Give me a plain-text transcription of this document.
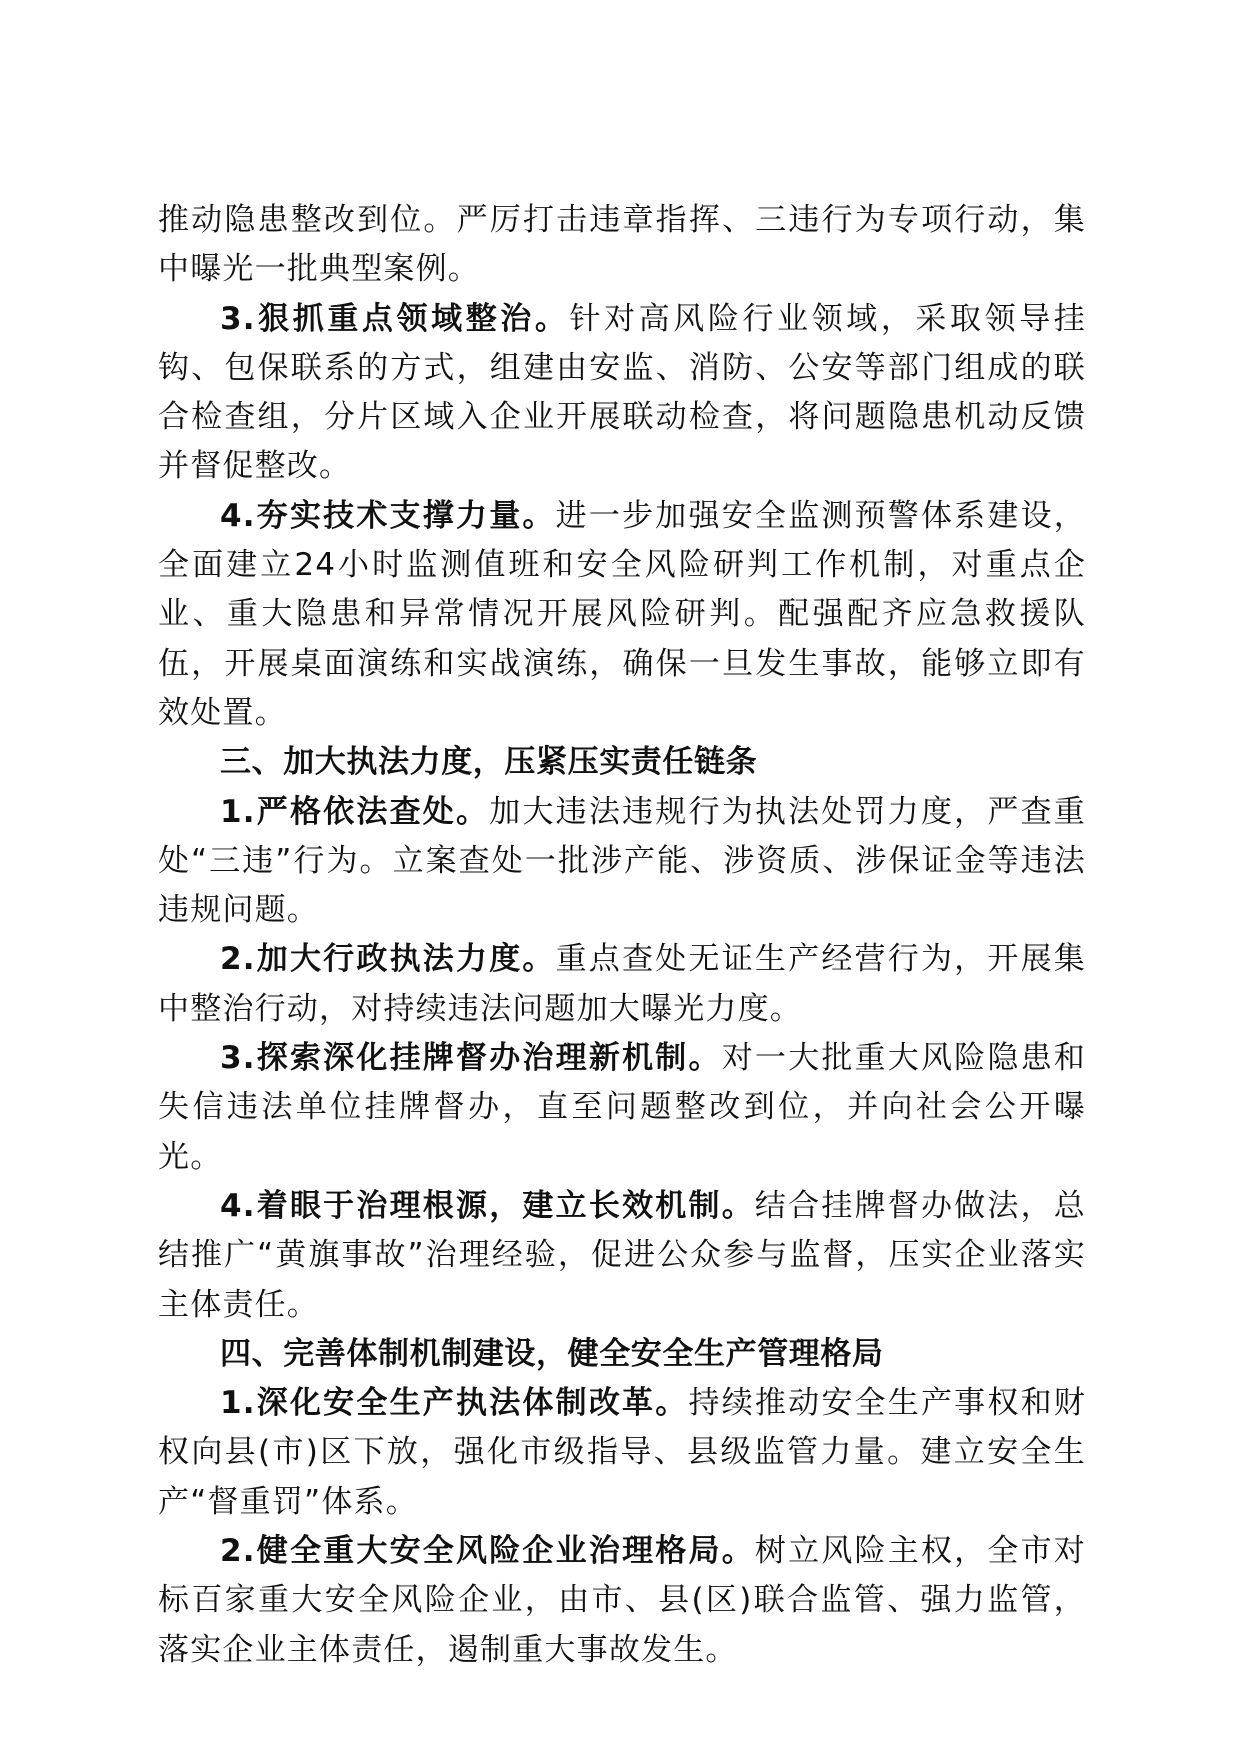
推动隐患整改到位。严厉打击违章指挥、三违行为专项行动，集中曝光一批典型案例。

3.狠抓重点领域整治。针对高风险行业领域，采取领导挂钩、包保联系的方式，组建由安监、消防、公安等部门组成的联合检查组，分片区域入企业开展联动检查，将问题隐患机动反馈并督促整改。

4.夯实技术支撑力量。进一步加强安全监测预警体系建设，全面建立24小时监测值班和安全风险研判工作机制，对重点企业、重大隐患和异常情况开展风险研判。配强配齐应急救援队伍，开展桌面演练和实战演练，确保一旦发生事故，能够立即有效处置。

三、加大执法力度，压紧压实责任链条

1.严格依法查处。加大违法违规行为执法处罚力度，严查重处“三违”行为。立案查处一批涉产能、涉资质、涉保证金等违法违规问题。

2.加大行政执法力度。重点查处无证生产经营行为，开展集中整治行动，对持续违法问题加大曝光力度。

3.探索深化挂牌督办治理新机制。对一大批重大风险隐患和失信违法单位挂牌督办，直至问题整改到位，并向社会公开曝光。

4.着眼于治理根源，建立长效机制。结合挂牌督办做法，总结推广“黄旗事故”治理经验，促进公众参与监督，压实企业落实主体责任。

四、完善体制机制建设，健全安全生产管理格局

1.深化安全生产执法体制改革。持续推动安全生产事权和财权向县(市)区下放，强化市级指导、县级监管力量。建立安全生产“督重罚”体系。

2.健全重大安全风险企业治理格局。树立风险主权，全市对标百家重大安全风险企业，由市、县(区)联合监管、强力监管，落实企业主体责任，遏制重大事故发生。
